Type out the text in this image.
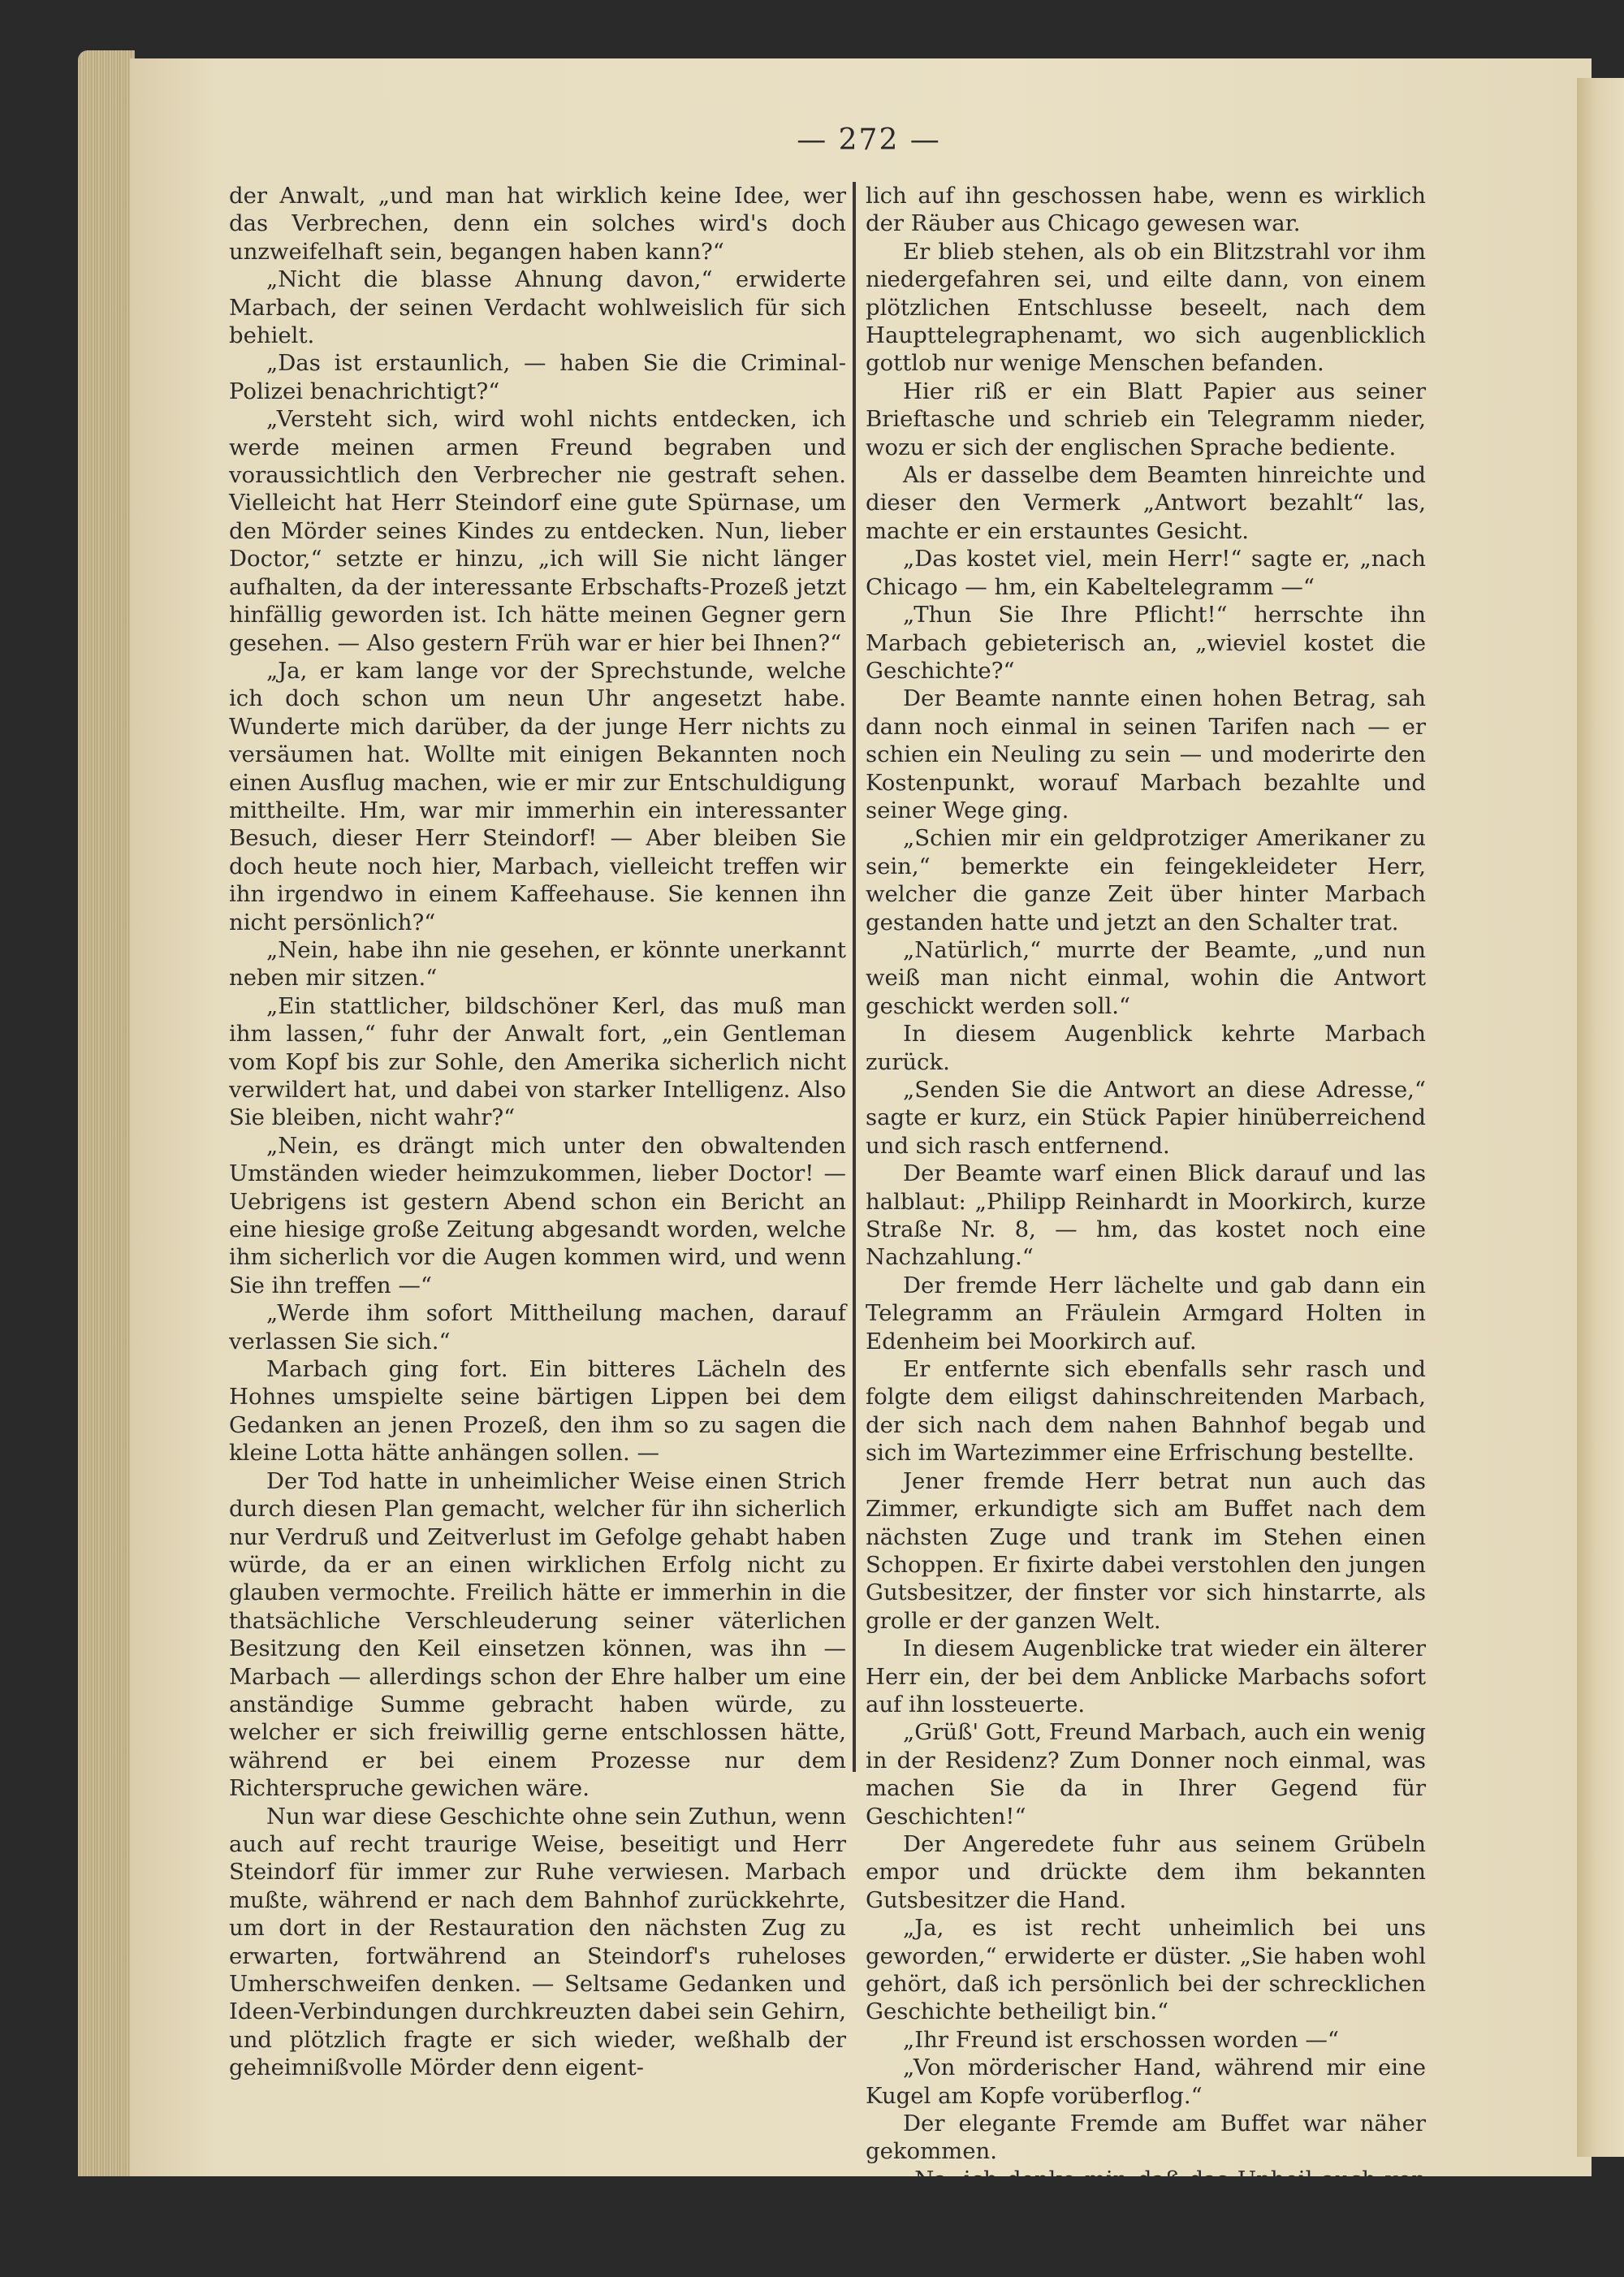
— 272 —

der Anwalt, „und man hat wirklich keine Idee, wer das Verbrechen, denn ein solches wird's doch unzweifelhaft sein, begangen haben kann?“

„Nicht die blasse Ahnung davon,“ erwiderte Marbach, der seinen Verdacht wohlweislich für sich behielt.

„Das ist erstaunlich, — haben Sie die Criminal-Polizei benachrichtigt?“

„Versteht sich, wird wohl nichts entdecken, ich werde meinen armen Freund begraben und voraussichtlich den Verbrecher nie gestraft sehen. Vielleicht hat Herr Steindorf eine gute Spürnase, um den Mörder seines Kindes zu entdecken. Nun, lieber Doctor,“ setzte er hinzu, „ich will Sie nicht länger aufhalten, da der interessante Erbschafts-Prozeß jetzt hinfällig geworden ist. Ich hätte meinen Gegner gern gesehen. — Also gestern Früh war er hier bei Ihnen?“

„Ja, er kam lange vor der Sprechstunde, welche ich doch schon um neun Uhr angesetzt habe. Wunderte mich darüber, da der junge Herr nichts zu versäumen hat. Wollte mit einigen Bekannten noch einen Ausflug machen, wie er mir zur Entschuldigung mittheilte. Hm, war mir immerhin ein interessanter Besuch, dieser Herr Steindorf! — Aber bleiben Sie doch heute noch hier, Marbach, vielleicht treffen wir ihn irgendwo in einem Kaffeehause. Sie kennen ihn nicht persönlich?“

„Nein, habe ihn nie gesehen, er könnte unerkannt neben mir sitzen.“

„Ein stattlicher, bildschöner Kerl, das muß man ihm lassen,“ fuhr der Anwalt fort, „ein Gentleman vom Kopf bis zur Sohle, den Amerika sicherlich nicht verwildert hat, und dabei von starker Intelligenz. Also Sie bleiben, nicht wahr?“

„Nein, es drängt mich unter den obwaltenden Umständen wieder heimzukommen, lieber Doctor! — Uebrigens ist gestern Abend schon ein Bericht an eine hiesige große Zeitung abgesandt worden, welche ihm sicherlich vor die Augen kommen wird, und wenn Sie ihn treffen —“

„Werde ihm sofort Mittheilung machen, darauf verlassen Sie sich.“

Marbach ging fort. Ein bitteres Lächeln des Hohnes umspielte seine bärtigen Lippen bei dem Gedanken an jenen Prozeß, den ihm so zu sagen die kleine Lotta hätte anhängen sollen. —

Der Tod hatte in unheimlicher Weise einen Strich durch diesen Plan gemacht, welcher für ihn sicherlich nur Verdruß und Zeitverlust im Gefolge gehabt haben würde, da er an einen wirklichen Erfolg nicht zu glauben vermochte. Freilich hätte er immerhin in die thatsächliche Verschleuderung seiner väterlichen Besitzung den Keil einsetzen können, was ihn — Marbach — allerdings schon der Ehre halber um eine anständige Summe gebracht haben würde, zu welcher er sich freiwillig gerne entschlossen hätte, während er bei einem Prozesse nur dem Richterspruche gewichen wäre.

Nun war diese Geschichte ohne sein Zuthun, wenn auch auf recht traurige Weise, beseitigt und Herr Steindorf für immer zur Ruhe verwiesen. Marbach mußte, während er nach dem Bahnhof zurückkehrte, um dort in der Restauration den nächsten Zug zu erwarten, fortwährend an Steindorf's ruheloses Umherschweifen denken. — Seltsame Gedanken und Ideen-Verbindungen durchkreuzten dabei sein Gehirn, und plötzlich fragte er sich wieder, weßhalb der geheimnißvolle Mörder denn eigent-

lich auf ihn geschossen habe, wenn es wirklich der Räuber aus Chicago gewesen war.

Er blieb stehen, als ob ein Blitzstrahl vor ihm niedergefahren sei, und eilte dann, von einem plötzlichen Entschlusse beseelt, nach dem Haupttelegraphenamt, wo sich augenblicklich gottlob nur wenige Menschen befanden.

Hier riß er ein Blatt Papier aus seiner Brieftasche und schrieb ein Telegramm nieder, wozu er sich der englischen Sprache bediente.

Als er dasselbe dem Beamten hinreichte und dieser den Vermerk „Antwort bezahlt“ las, machte er ein erstauntes Gesicht.

„Das kostet viel, mein Herr!“ sagte er, „nach Chicago — hm, ein Kabeltelegramm —“

„Thun Sie Ihre Pflicht!“ herrschte ihn Marbach gebieterisch an, „wieviel kostet die Geschichte?“

Der Beamte nannte einen hohen Betrag, sah dann noch einmal in seinen Tarifen nach — er schien ein Neuling zu sein — und moderirte den Kostenpunkt, worauf Marbach bezahlte und seiner Wege ging.

„Schien mir ein geldprotziger Amerikaner zu sein,“ bemerkte ein feingekleideter Herr, welcher die ganze Zeit über hinter Marbach gestanden hatte und jetzt an den Schalter trat.

„Natürlich,“ murrte der Beamte, „und nun weiß man nicht einmal, wohin die Antwort geschickt werden soll.“

In diesem Augenblick kehrte Marbach zurück.

„Senden Sie die Antwort an diese Adresse,“ sagte er kurz, ein Stück Papier hinüberreichend und sich rasch entfernend.

Der Beamte warf einen Blick darauf und las halblaut: „Philipp Reinhardt in Moorkirch, kurze Straße Nr. 8, — hm, das kostet noch eine Nachzahlung.“

Der fremde Herr lächelte und gab dann ein Telegramm an Fräulein Armgard Holten in Edenheim bei Moorkirch auf.

Er entfernte sich ebenfalls sehr rasch und folgte dem eiligst dahinschreitenden Marbach, der sich nach dem nahen Bahnhof begab und sich im Wartezimmer eine Erfrischung bestellte.

Jener fremde Herr betrat nun auch das Zimmer, erkundigte sich am Buffet nach dem nächsten Zuge und trank im Stehen einen Schoppen. Er fixirte dabei verstohlen den jungen Gutsbesitzer, der finster vor sich hinstarrte, als grolle er der ganzen Welt.

In diesem Augenblicke trat wieder ein älterer Herr ein, der bei dem Anblicke Marbachs sofort auf ihn lossteuerte.

„Grüß' Gott, Freund Marbach, auch ein wenig in der Residenz? Zum Donner noch einmal, was machen Sie da in Ihrer Gegend für Geschichten!“

Der Angeredete fuhr aus seinem Grübeln empor und drückte dem ihm bekannten Gutsbesitzer die Hand.

„Ja, es ist recht unheimlich bei uns geworden,“ erwiderte er düster. „Sie haben wohl gehört, daß ich persönlich bei der schrecklichen Geschichte betheiligt bin.“

„Ihr Freund ist erschossen worden —“

„Von mörderischer Hand, während mir eine Kugel am Kopfe vorüberflog.“

Der elegante Fremde am Buffet war näher gekommen.

„Na, ich denke mir, daß das Unheil auch von einem schlimmen Zufall, einem unvorsichtigen und ungeschickten Schützen herrühren kann,“ bemerkte der Landmann.
